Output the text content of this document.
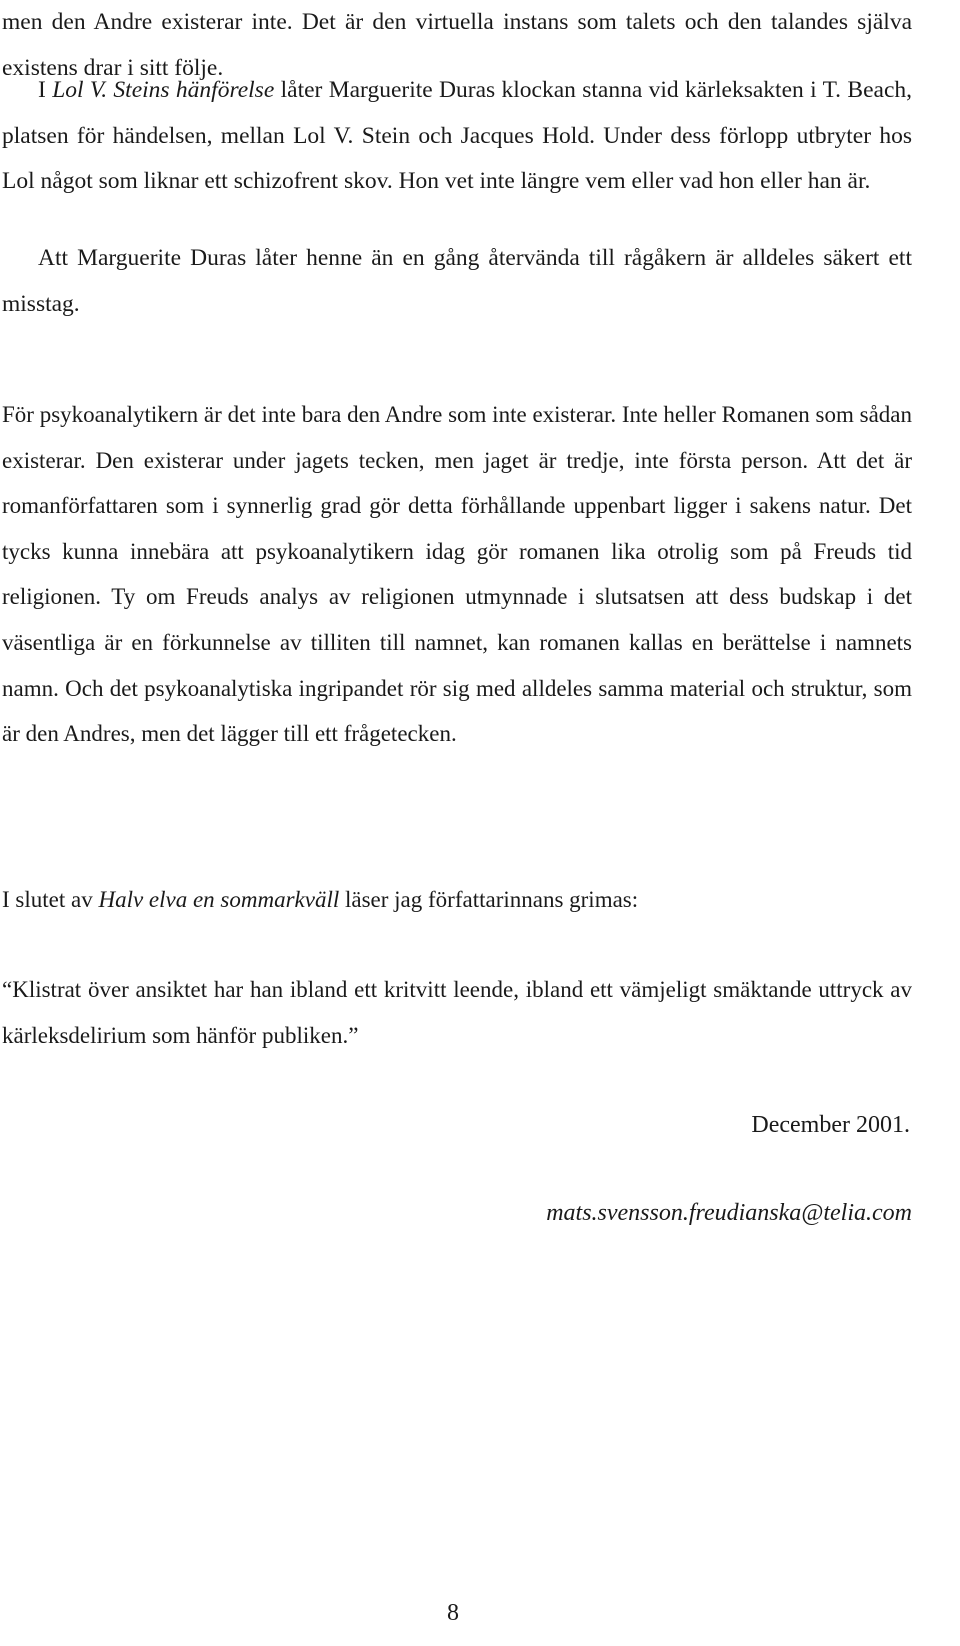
men den Andre existerar inte. Det är den virtuella instans som talets och den talandes själva existens drar i sitt följe.

I Lol V. Steins hänförelse låter Marguerite Duras klockan stanna vid kärleksakten i T. Beach, platsen för händelsen, mellan Lol V. Stein och Jacques Hold. Under dess förlopp utbryter hos Lol något som liknar ett schizofrent skov. Hon vet inte längre vem eller vad hon eller han är.

Att Marguerite Duras låter henne än en gång återvända till rågåkern är alldeles säkert ett misstag.

För psykoanalytikern är det inte bara den Andre som inte existerar. Inte heller Romanen som sådan existerar. Den existerar under jagets tecken, men jaget är tredje, inte första person. Att det är romanförfattaren som i synnerlig grad gör detta förhållande uppenbart ligger i sakens natur. Det tycks kunna innebära att psykoanalytikern idag gör romanen lika otrolig som på Freuds tid religionen. Ty om Freuds analys av religionen utmynnade i slutsatsen att dess budskap i det väsentliga är en förkunnelse av tilliten till namnet, kan romanen kallas en berättelse i namnets namn. Och det psykoanalytiska ingripandet rör sig med alldeles samma material och struktur, som är den Andres, men det lägger till ett frågetecken.

I slutet av Halv elva en sommarkväll läser jag författarinnans grimas:

“Klistrat över ansiktet har han ibland ett kritvitt leende, ibland ett vämjeligt smäktande uttryck av kärleksdelirium som hänför publiken.”

December 2001.

mats.svensson.freudianska@telia.com

8
